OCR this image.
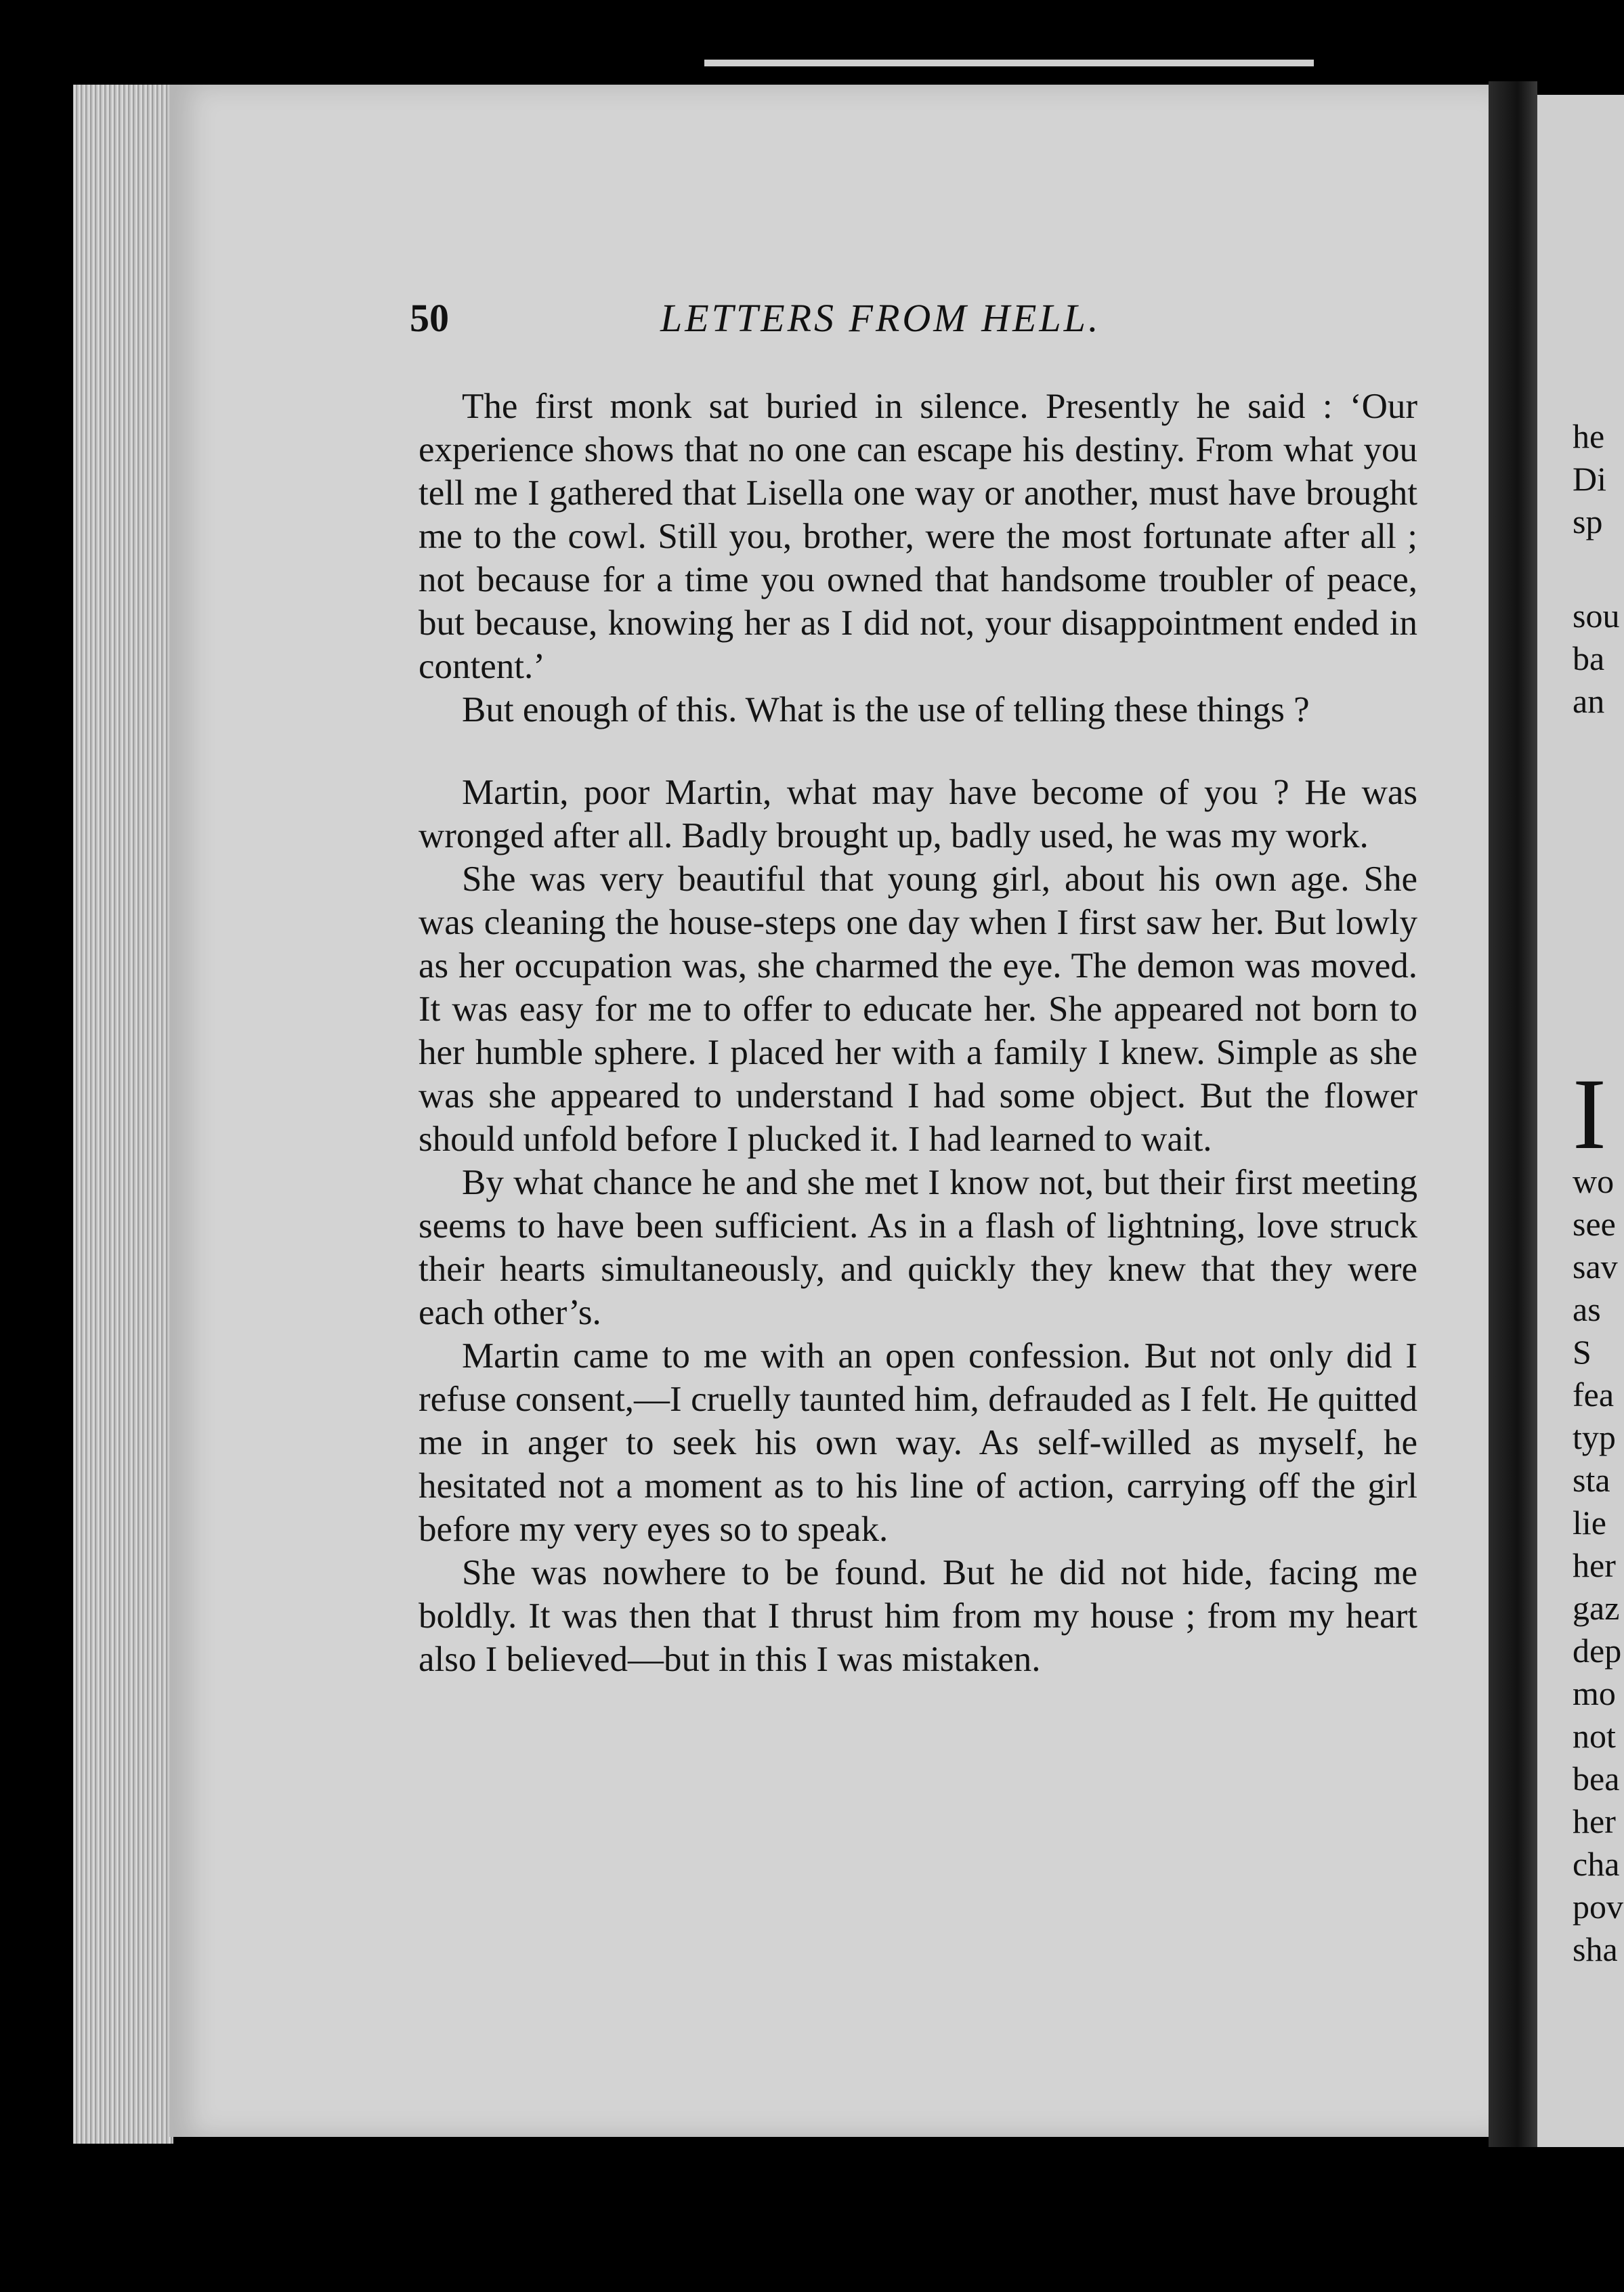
50	LETTERS FROM HELL.

The first monk sat buried in silence. Presently he said : ‘Our experience shows that no one can escape his destiny. From what you tell me I gathered that Lisella one way or another, must have brought me to the cowl. Still you, brother, were the most fortunate after all ; not because for a time you owned that handsome troubler of peace, but because, knowing her as I did not, your disappointment ended in content.’

But enough of this. What is the use of telling these things ?

Martin, poor Martin, what may have become of you ? He was wronged after all. Badly brought up, badly used, he was my work.

She was very beautiful that young girl, about his own age. She was cleaning the house-steps one day when I first saw her. But lowly as her occupation was, she charmed the eye. The demon was moved. It was easy for me to offer to educate her. She appeared not born to her humble sphere. I placed her with a family I knew. Simple as she was she appeared to understand I had some object. But the flower should unfold before I plucked it. I had learned to wait.

By what chance he and she met I know not, but their first meeting seems to have been sufficient. As in a flash of lightning, love struck their hearts simultaneously, and quickly they knew that they were each other’s.

Martin came to me with an open confession. But not only did I refuse consent,—I cruelly taunted him, defrauded as I felt. He quitted me in anger to seek his own way. As self-willed as myself, he hesitated not a moment as to his line of action, carrying off the girl before my very eyes so to speak.

She was nowhere to be found. But he did not hide, facing me boldly. It was then that I thrust him from my house ; from my heart also I believed—but in this I was mistaken.

he
Di
sp
sou
ba
an
I
wo
see
sav
as
S
fea
typ
sta
lie
her
gaz
dep
mo
not
bea
her
cha
pov
sha
